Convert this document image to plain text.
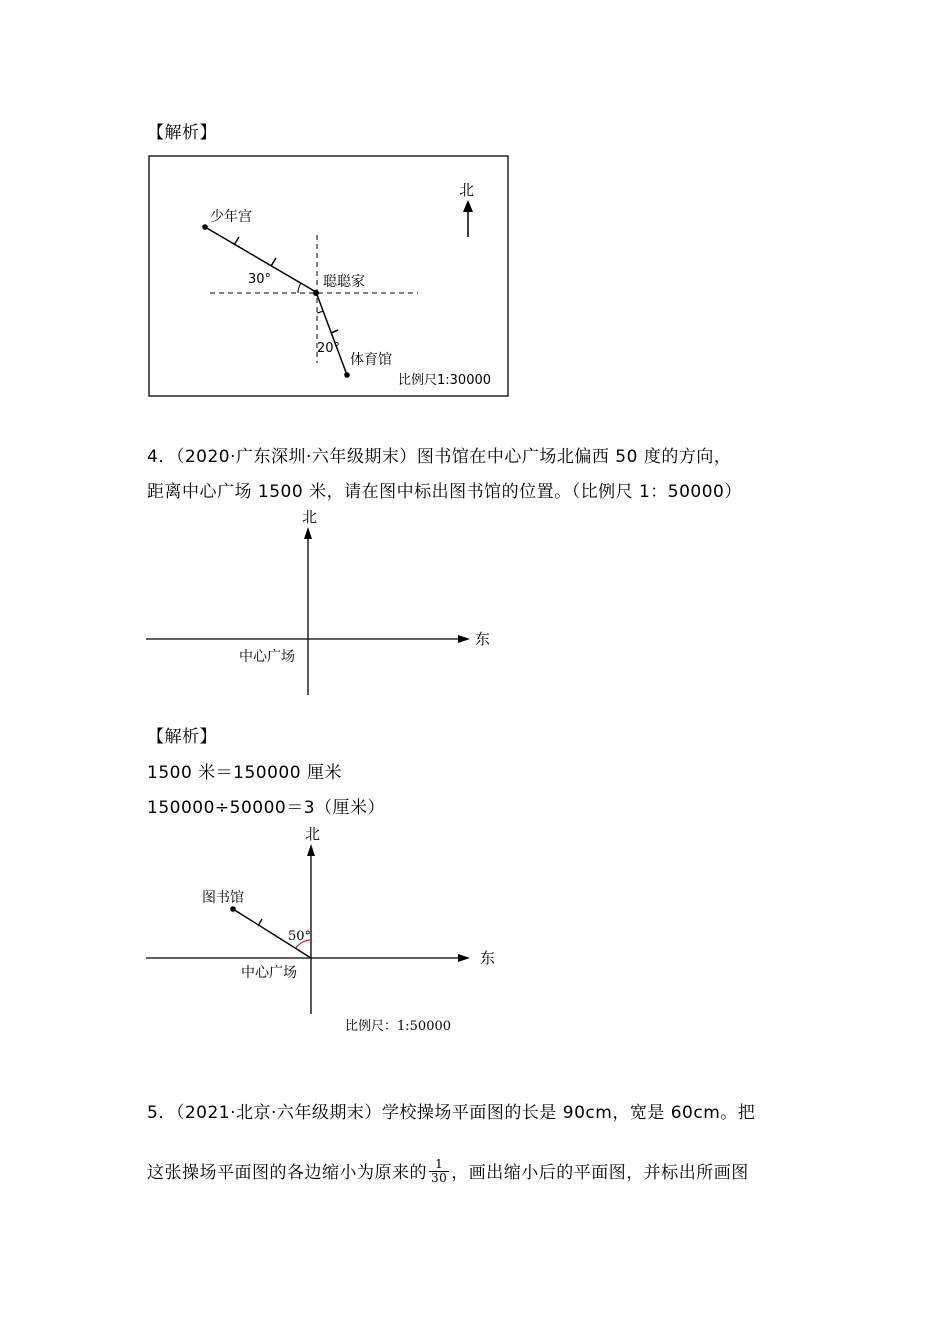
【解析】
北
少年宫
聪聪家
体育馆
30°
20°
比例尺1:30000
4．（2020·广东深圳·六年级期末）图书馆在中心广场北偏西 50 度的方向，
距离中心广场 1500 米，请在图中标出图书馆的位置。（比例尺 1：50000）
北
东
中心广场
【解析】
1500 米＝150000 厘米
150000÷50000＝3（厘米）
北
东
图书馆
50°
中心广场
比例尺：1:50000
5．（2021·北京·六年级期末）学校操场平面图的长是 90cm，宽是 60cm。把
这张操场平面图的各边缩小为原来的 $\frac{1}{30}$ ，画出缩小后的平面图，并标出所画图
